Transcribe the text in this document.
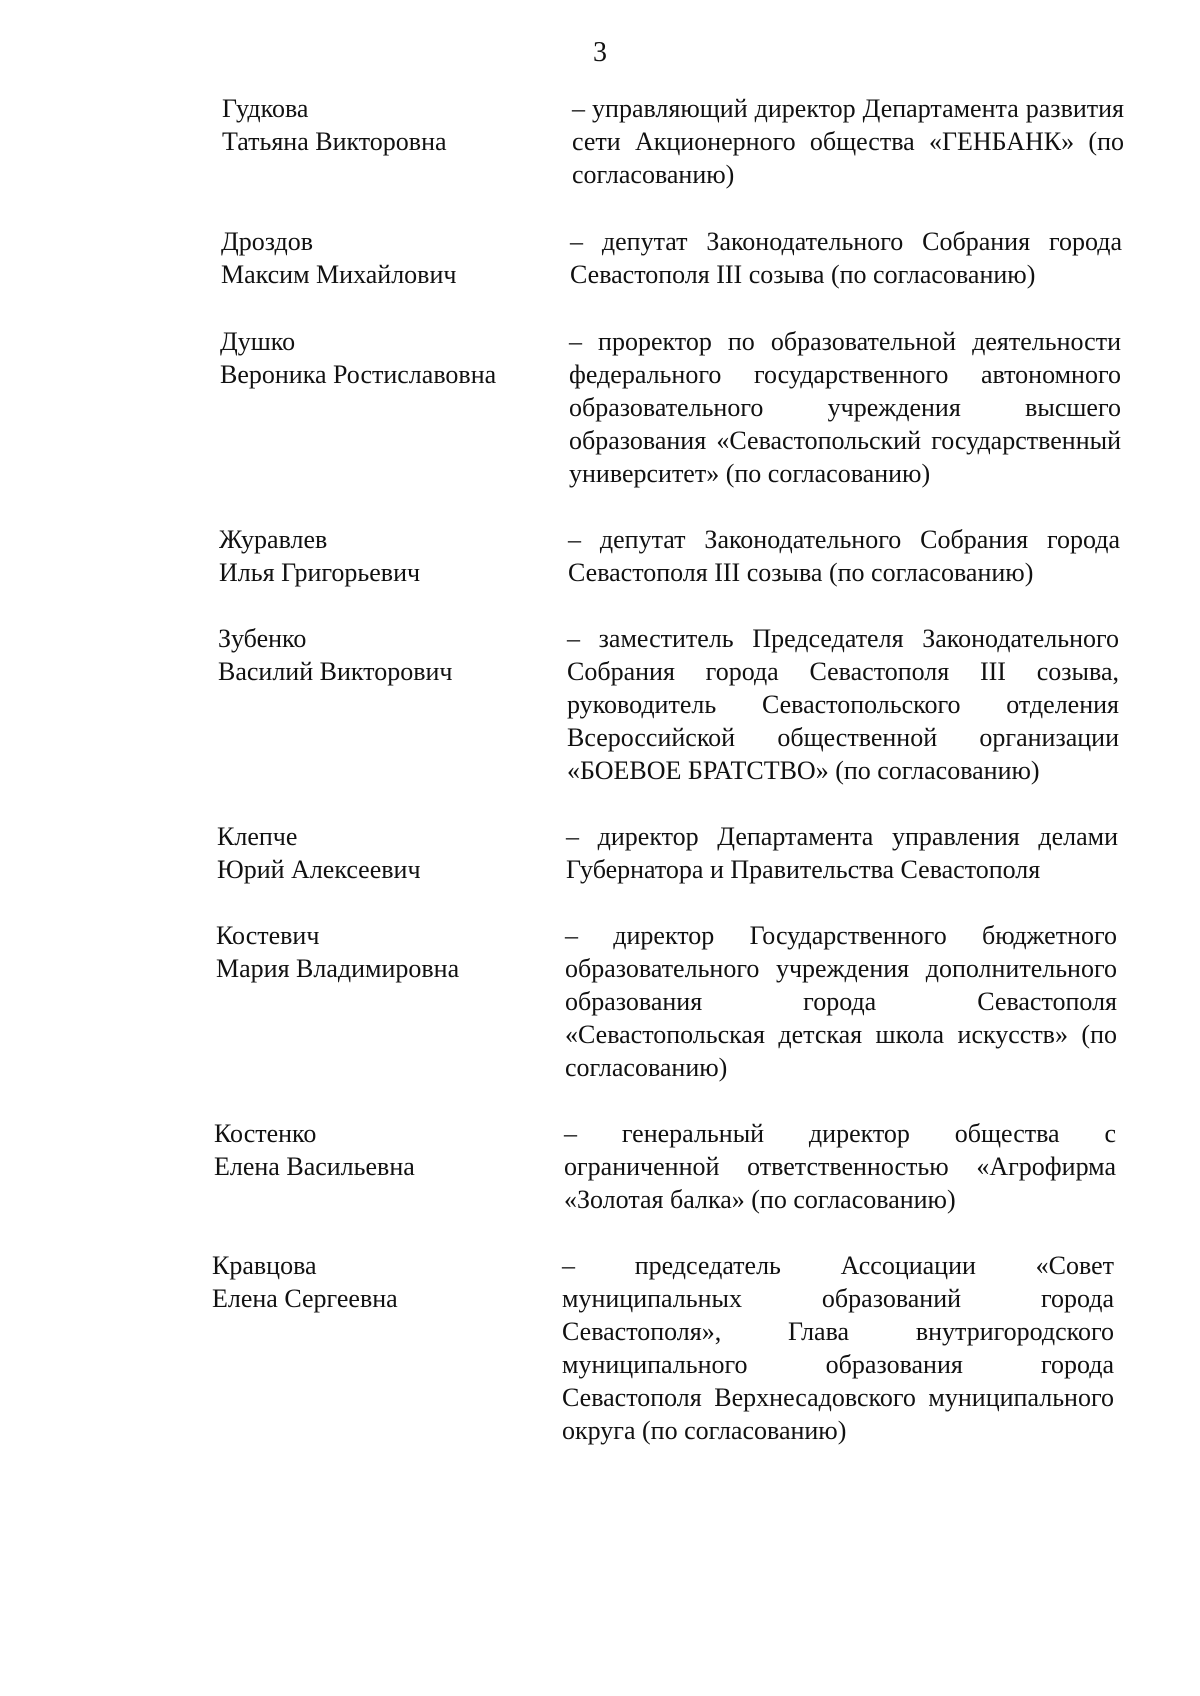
3
Гудкова
Татьяна Викторовна
– управляющий директор Департамента развития сети Акционерного общества «ГЕНБАНК» (по согласованию)
Дроздов
Максим Михайлович
– депутат Законодательного Собрания города Севастополя III созыва (по согласованию)
Душко
Вероника Ростиславовна
– проректор по образовательной деятельности федерального государственного автономного образовательного учреждения высшего образования «Севастопольский государственный университет» (по согласованию)
Журавлев
Илья Григорьевич
– депутат Законодательного Собрания города Севастополя III созыва (по согласованию)
Зубенко
Василий Викторович
– заместитель Председателя Законодательного Собрания города Севастополя III созыва, руководитель Севастопольского отделения Всероссийской общественной организации «БОЕВОЕ БРАТСТВО» (по согласованию)
Клепче
Юрий Алексеевич
– директор Департамента управления делами Губернатора и Правительства Севастополя
Костевич
Мария Владимировна
– директор Государственного бюджетного образовательного учреждения дополнительного образования города Севастополя «Севастопольская детская школа искусств» (по согласованию)
Костенко
Елена Васильевна
– генеральный директор общества с ограниченной ответственностью «Агрофирма «Золотая балка» (по согласованию)
Кравцова
Елена Сергеевна
– председатель Ассоциации «Совет муниципальных образований города Севастополя», Глава внутригородского муниципального образования города Севастополя Верхнесадовского муниципального округа (по согласованию)
